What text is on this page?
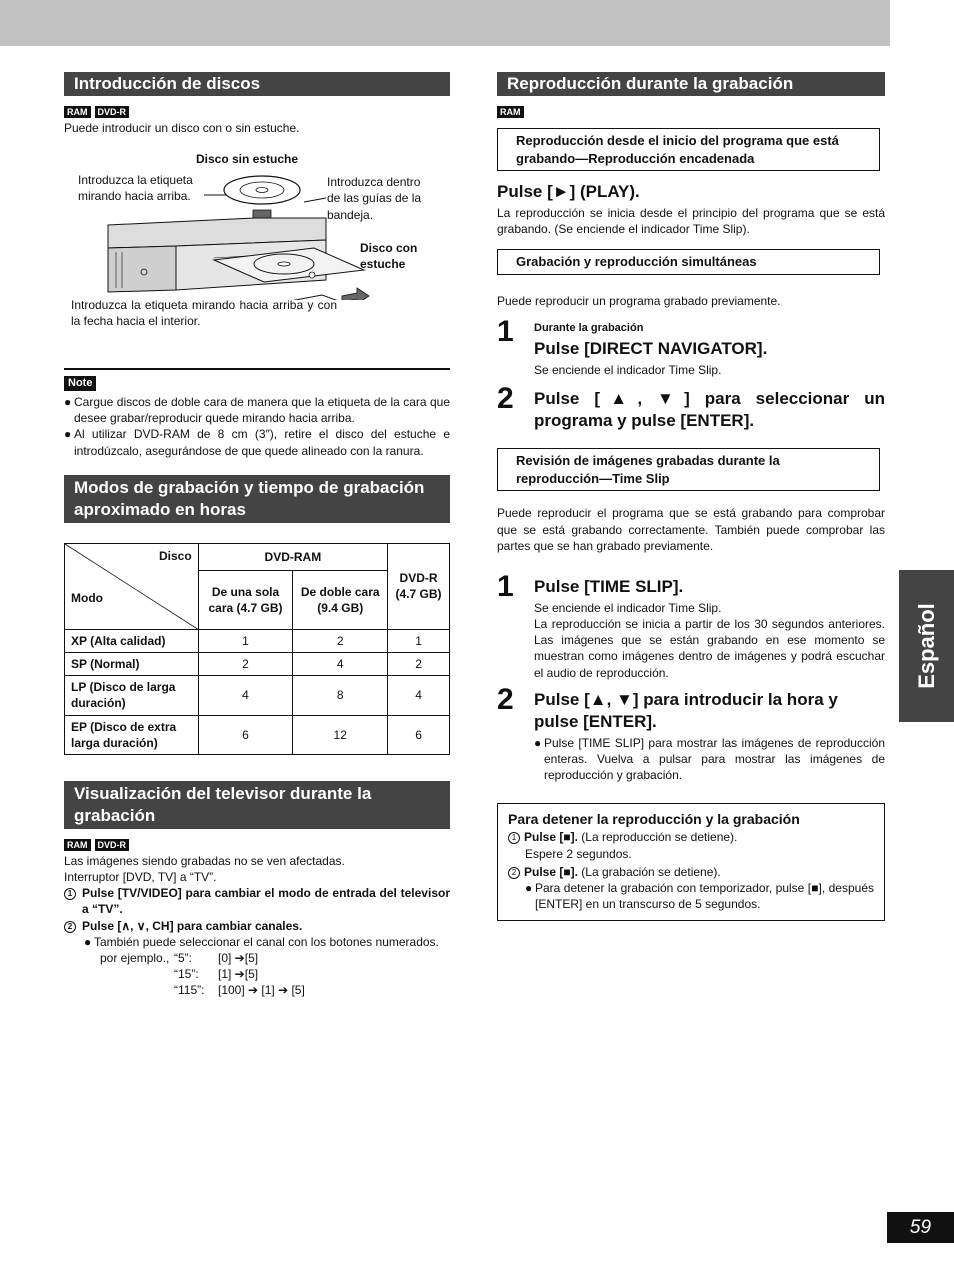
Introducción de discos
RAM	DVD-R
Puede introducir un disco con o sin estuche.
Disco sin estuche
Introduzca la etiqueta mirando hacia arriba.
Introduzca dentro de las guías de la bandeja.
Disco con estuche
Introduzca la etiqueta mirando hacia arriba y con la fecha hacia el interior.
Note
● Cargue discos de doble cara de manera que la etiqueta de la cara que desee grabar/reproducir quede mirando hacia arriba.
● Al utilizar DVD-RAM de 8 cm (3″), retire el disco del estuche e introdúzcalo, asegurándose de que quede alineado con la ranura.
Modos de grabación y tiempo de grabación aproximado en horas
Disco
Modo	DVD-RAM		DVD-R (4.7 GB)
	De una sola cara (4.7 GB)	De doble cara (9.4 GB)	
XP (Alta calidad)	1	2	1
SP (Normal)	2	4	2
LP (Disco de larga duración)	4	8	4
EP (Disco de extra larga duración)	6	12	6
Visualización del televisor durante la grabación
RAM	DVD-R
Las imágenes siendo grabadas no se ven afectadas.
Interruptor [DVD, TV] a “TV”.
1 Pulse [TV/VIDEO] para cambiar el modo de entrada del televisor a “TV”.
2 Pulse [∧, ∨, CH] para cambiar canales.
● También puede seleccionar el canal con los botones numerados.
por ejemplo., “5”:	[0] ➔[5]
“15”:	[1] ➔[5]
“115”:	[100] ➔ [1] ➔ [5]
Reproducción durante la grabación
RAM
Reproducción desde el inicio del programa que está grabando—Reproducción encadenada
Pulse [►] (PLAY).
La reproducción se inicia desde el principio del programa que se está grabando. (Se enciende el indicador Time Slip).
Grabación y reproducción simultáneas
Puede reproducir un programa grabado previamente.
1 Durante la grabación
Pulse [DIRECT NAVIGATOR].
Se enciende el indicador Time Slip.
2 Pulse [▲, ▼] para seleccionar un programa y pulse [ENTER].
Revisión de imágenes grabadas durante la reproducción—Time Slip
Puede reproducir el programa que se está grabando para comprobar que se está grabando correctamente. También puede comprobar las partes que se han grabado previamente.
1 Pulse [TIME SLIP].
Se enciende el indicador Time Slip.
La reproducción se inicia a partir de los 30 segundos anteriores. Las imágenes que se están grabando en ese momento se muestran como imágenes dentro de imágenes y podrá escuchar el audio de reproducción.
2 Pulse [▲, ▼] para introducir la hora y pulse [ENTER].
● Pulse [TIME SLIP] para mostrar las imágenes de reproducción enteras. Vuelva a pulsar para mostrar las imágenes de reproducción y grabación.
Para detener la reproducción y la grabación
1 Pulse [■]. (La reproducción se detiene).
Espere 2 segundos.
2 Pulse [■]. (La grabación se detiene).
● Para detener la grabación con temporizador, pulse [■], después [ENTER] en un transcurso de 5 segundos.
Español
59
